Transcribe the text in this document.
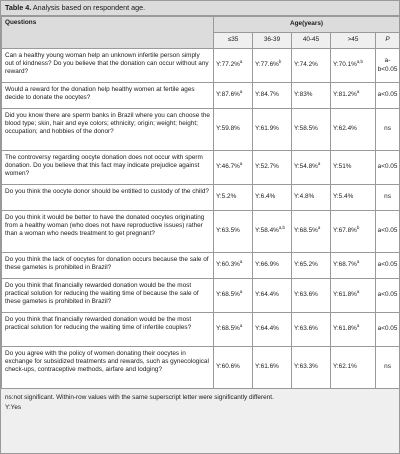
Table 4. Analysis based on respondent age.
Questions	Age(years)				
	≤35	36-39	40-45	>45	P
Can a healthy young woman help an unknown infertile person simply out of kindness? Do you believe that the donation can occur without any reward?	Y:77.2%$^a$	Y:77.6%$^b$	Y:74.2%	Y:70.1%$^{a,b}$	a-b<0.05
Would a reward for the donation help healthy women at fertile ages decide to donate the oocytes?	Y:87.6%$^a$	Y:84.7%	Y:83%	Y:81.2%$^a$	a<0.05
Did you know there are sperm banks in Brazil where you can choose the blood type; skin, hair and eye colors; ethnicity; origin; weight; height; occupation; and hobbies of the donor?	Y:59.8%	Y:61.9%	Y:58.5%	Y:62.4%	ns
The controversy regarding oocyte donation does not occur with sperm donation. Do you believe that this fact may indicate prejudice against women?	Y:46.7%$^a$	Y:52.7%	Y:54.8%$^a$	Y:51%	a<0.05
Do you think the oocyte donor should be entitled to custody of the child?	Y:5.2%	Y:6.4%	Y:4.8%	Y:5.4%	ns
Do you think it would be better to have the donated oocytes originating from a healthy woman (who does not have reproductive issues) rather than a woman who needs treatment to get pregnant?	Y:63.5%	Y:58.4%$^{a,b}$	Y:68.5%$^a$	Y:67.8%$^b$	a<0.05
Do you think the lack of oocytes for donation occurs because the sale of these gametes is prohibited in Brazil?	Y:60.3%$^a$	Y:66.9%	Y:65.2%	Y:68.7%$^a$	a<0.05
Do you think that financially rewarded donation would be the most practical solution for reducing the waiting time of because the sale of these gametes is prohibited in Brazil?	Y:68.5%$^a$	Y:64.4%	Y:63.6%	Y:61.8%$^a$	a<0.05
Do you think that financially rewarded donation would be the most practical solution for reducing the waiting time of infertile couples?	Y:68.5%$^a$	Y:64.4%	Y:63.6%	Y:61.8%$^a$	a<0.05
Do you agree with the policy of women donating their oocytes in exchange for subsidized treatments and rewards, such as gynecological check-ups, contraceptive methods, airfare and lodging?	Y:60.6%	Y:61.6%	Y:63.3%	Y:62.1%	ns
ns:not significant. Within-row values with the same superscript letter were significantly different.
Y:Yes
